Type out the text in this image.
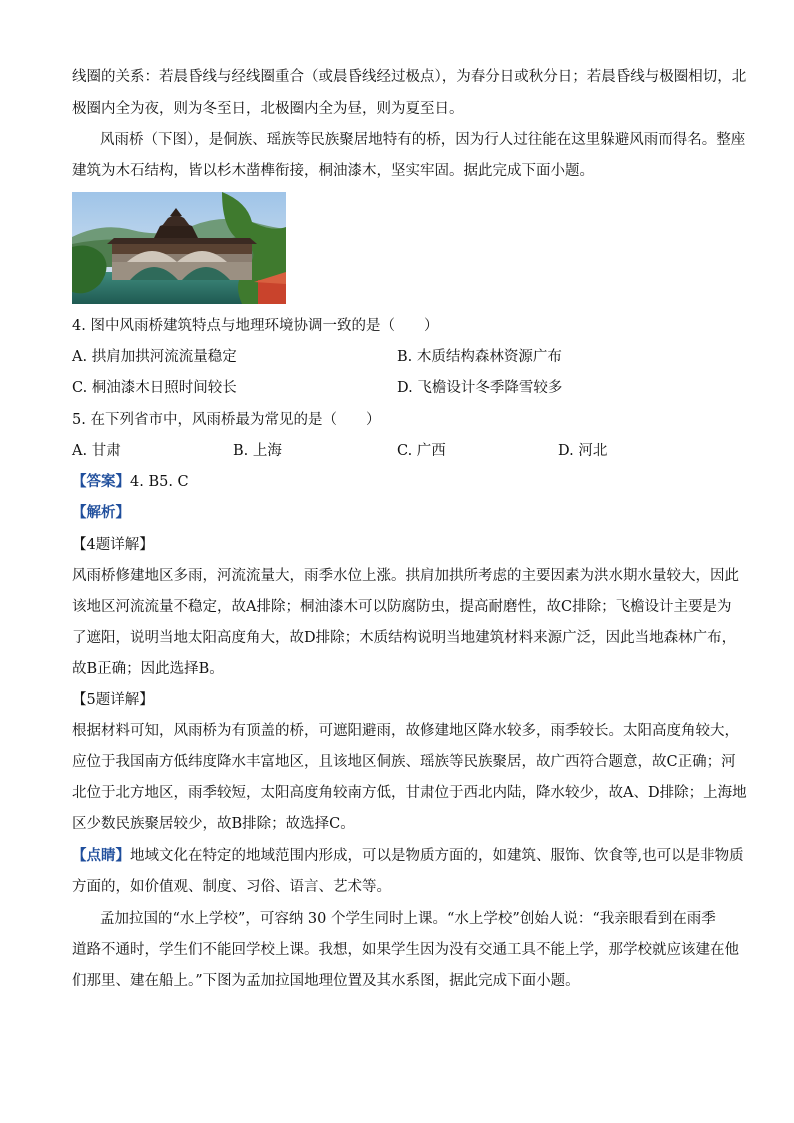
线圈的关系：若晨昏线与经线圈重合（或晨昏线经过极点），为春分日或秋分日；若晨昏线与极圈相切，北
极圈内全为夜，则为冬至日，北极圈内全为昼，则为夏至日。
风雨桥（下图），是侗族、瑶族等民族聚居地特有的桥，因为行人过往能在这里躲避风雨而得名。整座
建筑为木石结构，皆以杉木凿榫衔接，桐油漆木，坚实牢固。据此完成下面小题。
4. 图中风雨桥建筑特点与地理环境协调一致的是（　　）
A. 拱肩加拱河流流量稳定	B. 木质结构森林资源广布
C. 桐油漆木日照时间较长	D. 飞檐设计冬季降雪较多
5. 在下列省市中，风雨桥最为常见的是（　　）
A. 甘肃	B. 上海	C. 广西	D. 河北
【答案】4. B5. C
【解析】
【4题详解】
风雨桥修建地区多雨，河流流量大，雨季水位上涨。拱肩加拱所考虑的主要因素为洪水期水量较大，因此
该地区河流流量不稳定，故A排除；桐油漆木可以防腐防虫，提高耐磨性，故C排除；飞檐设计主要是为
了遮阳，说明当地太阳高度角大，故D排除；木质结构说明当地建筑材料来源广泛，因此当地森林广布，
故B正确；因此选择B。
【5题详解】
根据材料可知，风雨桥为有顶盖的桥，可遮阳避雨，故修建地区降水较多，雨季较长。太阳高度角较大，
应位于我国南方低纬度降水丰富地区，且该地区侗族、瑶族等民族聚居，故广西符合题意，故C正确；河
北位于北方地区，雨季较短，太阳高度角较南方低，甘肃位于西北内陆，降水较少，故A、D排除；上海地
区少数民族聚居较少，故B排除；故选择C。
【点睛】地域文化在特定的地域范围内形成，可以是物质方面的，如建筑、服饰、饮食等,也可以是非物质
方面的，如价值观、制度、习俗、语言、艺术等。
孟加拉国的“水上学校”，可容纳 30 个学生同时上课。“水上学校”创始人说：“我亲眼看到在雨季
道路不通时，学生们不能回学校上课。我想，如果学生因为没有交通工具不能上学，那学校就应该建在他
们那里、建在船上。”下图为孟加拉国地理位置及其水系图，据此完成下面小题。
